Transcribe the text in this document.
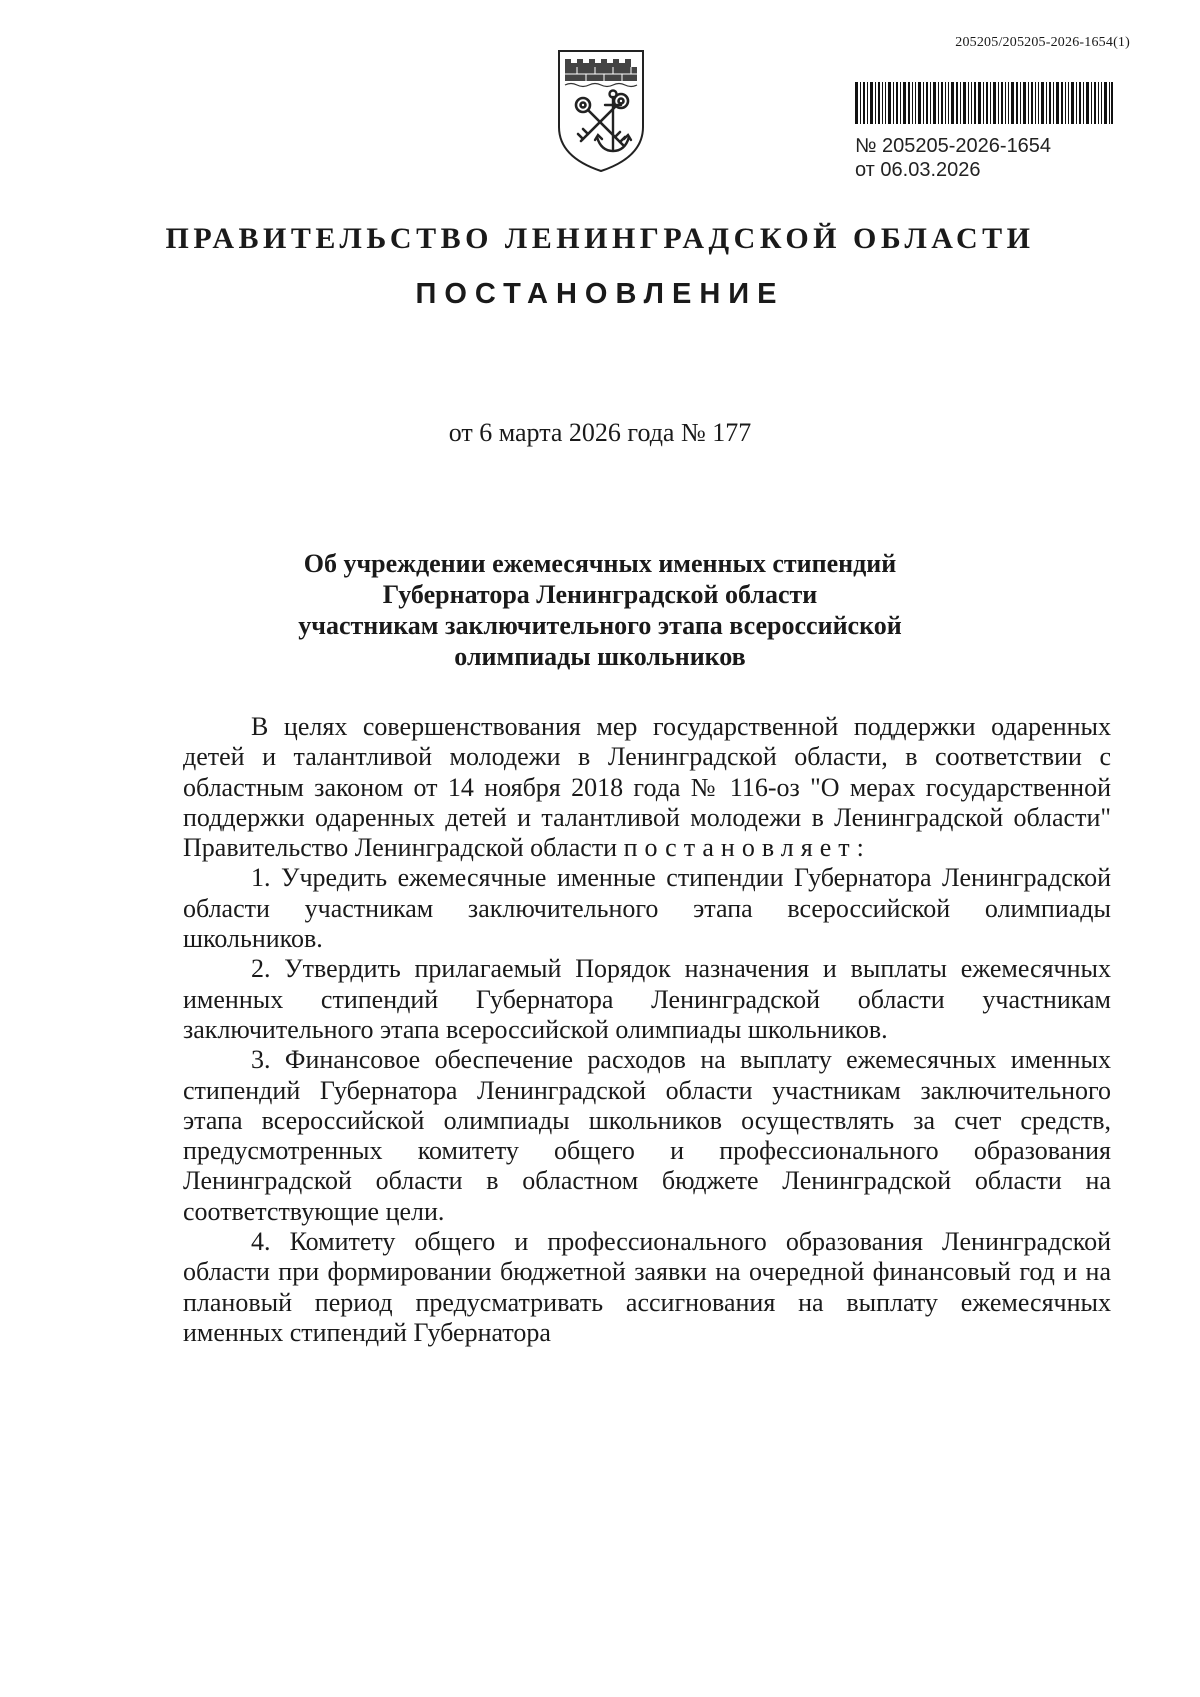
205205/205205-2026-1654(1)
№ 205205-2026-1654
от 06.03.2026
ПРАВИТЕЛЬСТВО ЛЕНИНГРАДСКОЙ ОБЛАСТИ
ПОСТАНОВЛЕНИЕ
от 6 марта 2026 года № 177
Об учреждении ежемесячных именных стипендий
Губернатора Ленинградской области
участникам заключительного этапа всероссийской
олимпиады школьников

В целях совершенствования мер государственной поддержки одаренных детей и талантливой молодежи в Ленинградской области, в соответствии с областным законом от 14 ноября 2018 года № 116-оз "О мерах государственной поддержки одаренных детей и талантливой молодежи в Ленинградской области" Правительство Ленинградской области постановляет:

1. Учредить ежемесячные именные стипендии Губернатора Ленинградской области участникам заключительного этапа всероссийской олимпиады школьников.

2. Утвердить прилагаемый Порядок назначения и выплаты ежемесячных именных стипендий Губернатора Ленинградской области участникам заключительного этапа всероссийской олимпиады школьников.

3. Финансовое обеспечение расходов на выплату ежемесячных именных стипендий Губернатора Ленинградской области участникам заключительного этапа всероссийской олимпиады школьников осуществлять за счет средств, предусмотренных комитету общего и профессионального образования Ленинградской области в областном бюджете Ленинградской области на соответствующие цели.

4. Комитету общего и профессионального образования Ленинградской области при формировании бюджетной заявки на очередной финансовый год и на плановый период предусматривать ассигнования на выплату ежемесячных именных стипендий Губернатора
